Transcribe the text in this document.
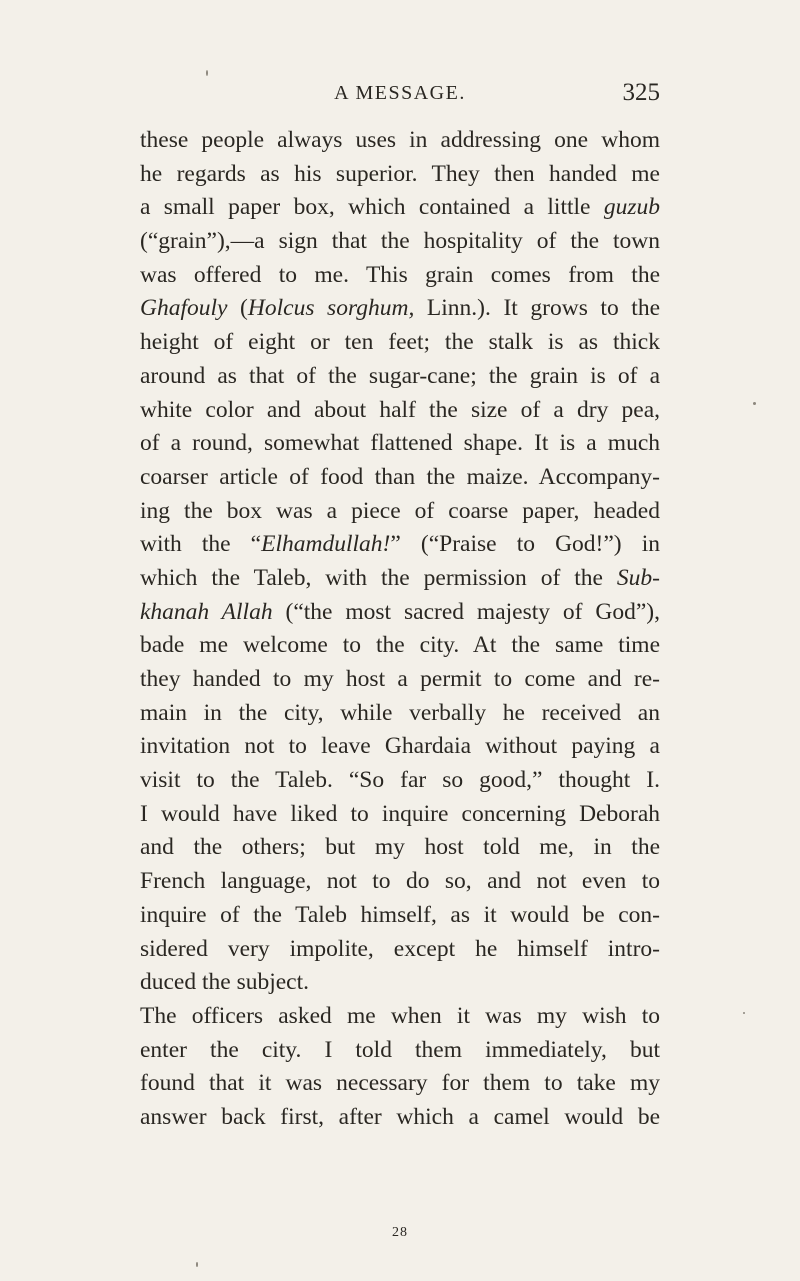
A MESSAGE.	325
these people always uses in addressing one whom
he regards as his superior. They then handed me
a small paper box, which contained a little guzub
(“grain”),—a sign that the hospitality of the town
was offered to me. This grain comes from the
Ghafouly (Holcus sorghum, Linn.). It grows to the
height of eight or ten feet; the stalk is as thick
around as that of the sugar-cane; the grain is of a
white color and about half the size of a dry pea,
of a round, somewhat flattened shape. It is a much
coarser article of food than the maize. Accompany-
ing the box was a piece of coarse paper, headed
with the “Elhamdullah!” (“Praise to God!”) in
which the Taleb, with the permission of the Sub-
khanah Allah (“the most sacred majesty of God”),
bade me welcome to the city. At the same time
they handed to my host a permit to come and re-
main in the city, while verbally he received an
invitation not to leave Ghardaia without paying a
visit to the Taleb. “So far so good,” thought I.
I would have liked to inquire concerning Deborah
and the others; but my host told me, in the
French language, not to do so, and not even to
inquire of the Taleb himself, as it would be con-
sidered very impolite, except he himself intro-
duced the subject.
The officers asked me when it was my wish to
enter the city. I told them immediately, but
found that it was necessary for them to take my
answer back first, after which a camel would be
28
